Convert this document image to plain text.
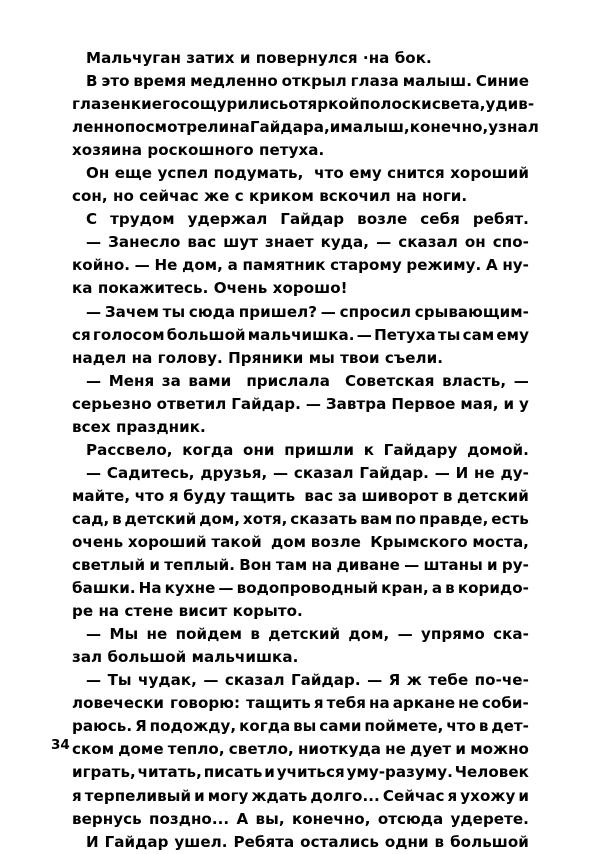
Мальчуган затих и повернулся ·на бок.

В это время медленно открыл глаза малыш. Синие
глазенки его сощурились от яркой полоски света, удив-
ленно посмотрели на Гайдара, и малыш, конечно, узнал
хозяина роскошного петуха.

Он еще успел подумать, что ему снится хороший
сон, но сейчас же с криком вскочил на ноги.

С трудом удержал Гайдар возле себя ребят.

— Занесло вас шут знает куда, — сказал он спо-
койно. — Не дом, а памятник старому режиму. А ну-
ка покажитесь. Очень хорошо!

— Зачем ты сюда пришел? — спросил срывающим-
ся голосом большой мальчишка. — Петуха ты сам ему
надел на голову. Пряники мы твои съели.

— Меня за вами прислала Советская власть, —
серьезно ответил Гайдар. — Завтра Первое мая, и у
всех праздник.

Рассвело, когда они пришли к Гайдару домой.

— Садитесь, друзья, — сказал Гайдар. — И не ду-
майте, что я буду тащить вас за шиворот в детский
сад, в детский дом, хотя, сказать вам по правде, есть
очень хороший такой дом возле Крымского моста,
светлый и теплый. Вон там на диване — штаны и ру-
башки. На кухне — водопроводный кран, а в коридо-
ре на стене висит корыто.

— Мы не пойдем в детский дом, — упрямо ска-
зал большой мальчишка.

— Ты чудак, — сказал Гайдар. — Я ж тебе по-че-
ловечески говорю: тащить я тебя на аркане не соби-
раюсь. Я подожду, когда вы сами поймете, что в дет-
ском доме тепло, светло, ниоткуда не дует и можно
играть, читать, писать и учиться уму-разуму. Человек
я терпеливый и могу ждать долго... Сейчас я ухожу и
вернусь поздно... А вы, конечно, отсюда удерете.

И Гайдар ушел. Ребята остались одни в большой

34
